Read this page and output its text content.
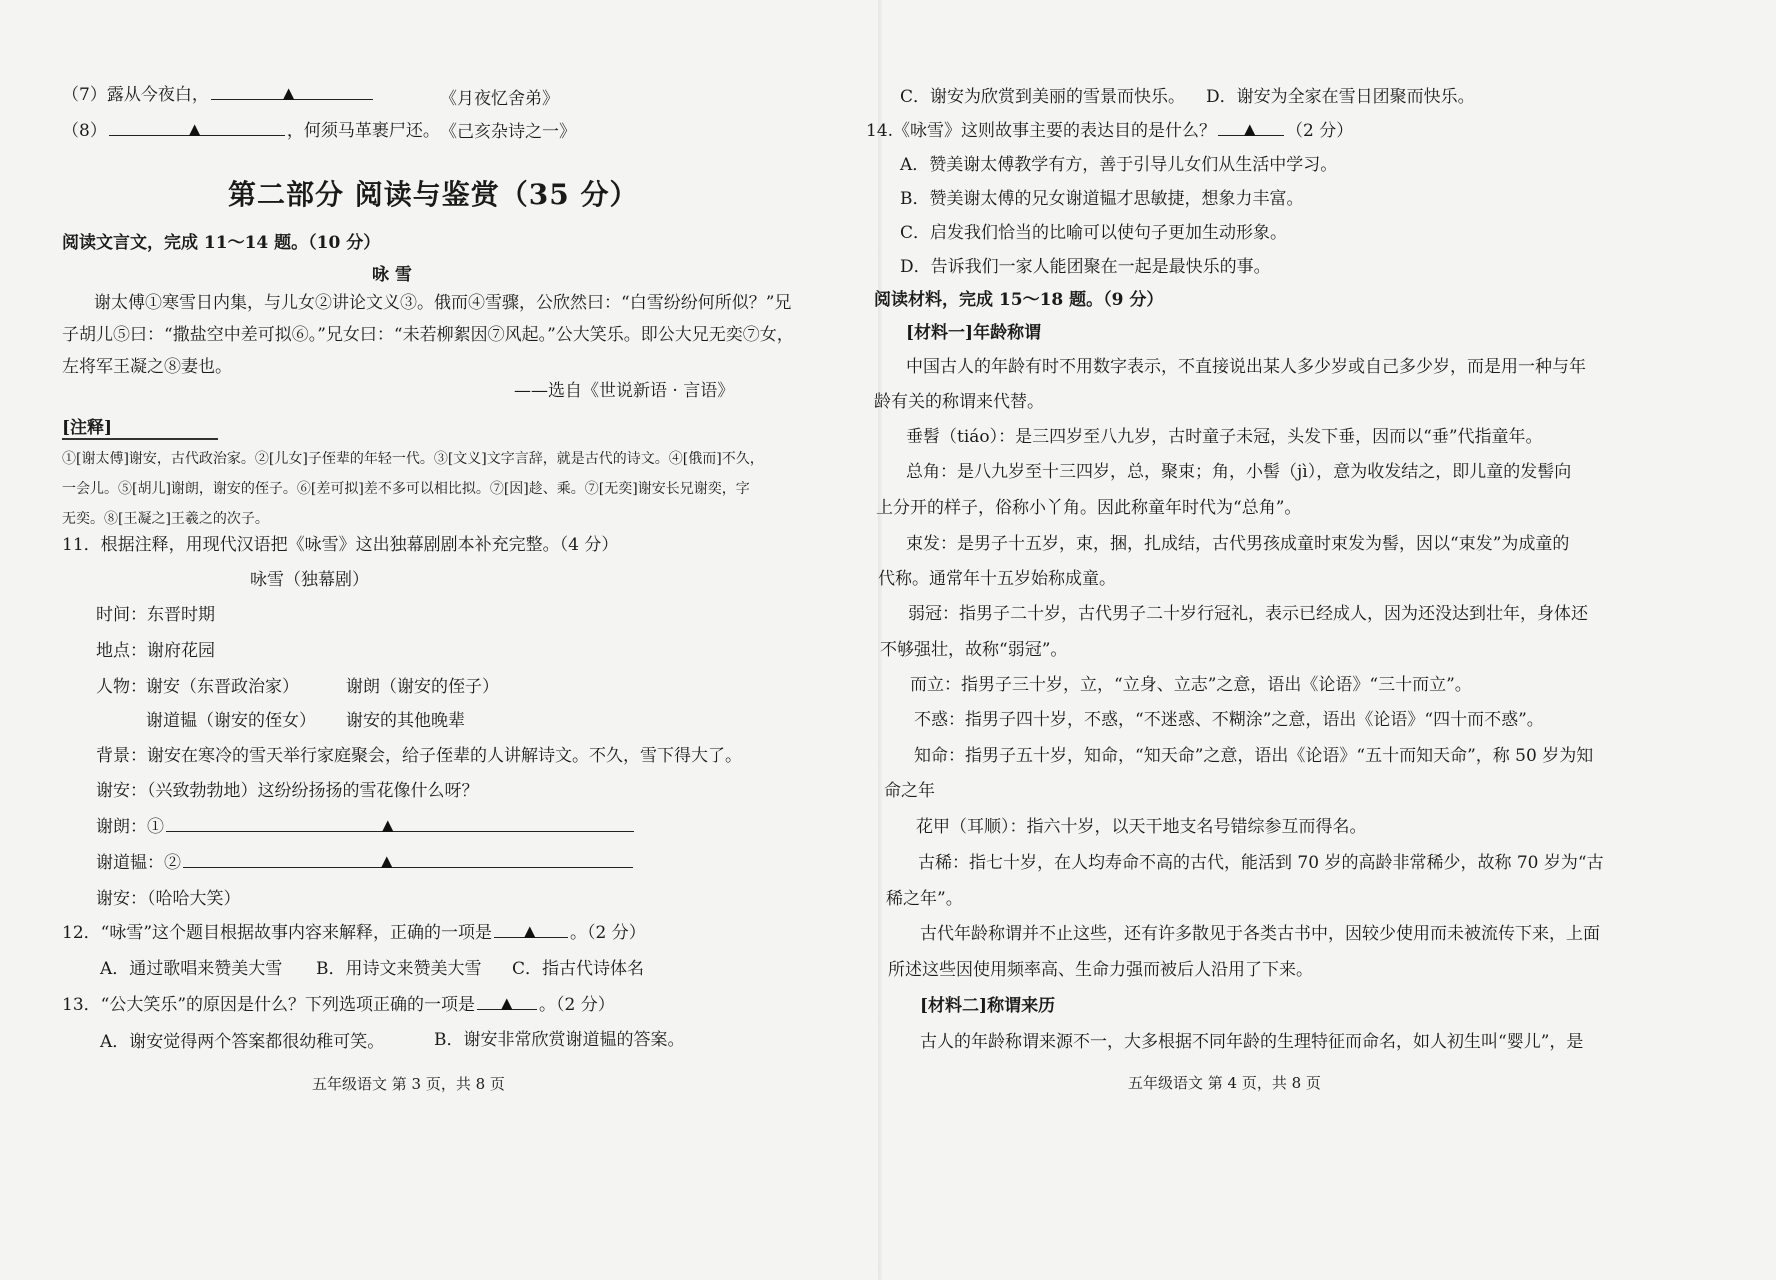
（7）露从今夜白，	▲	《月夜忆舍弟》
（8）	▲	，何须马革裹尸还。 《己亥杂诗之一》
第二部分 阅读与鉴赏（35 分）
阅读文言文，完成 11～14 题。（10 分）
咏 雪
谢太傅①寒雪日内集，与儿女②讲论文义③。俄而④雪骤，公欣然曰：“白雪纷纷何所似？”兄
子胡儿⑤曰：“撒盐空中差可拟⑥。”兄女曰：“未若柳絮因⑦风起。”公大笑乐。即公大兄无奕⑦女，
左将军王凝之⑧妻也。
——选自《世说新语 · 言语》
[注释]
①[谢太傅]谢安，古代政治家。②[儿女]子侄辈的年轻一代。③[文义]文字言辞，就是古代的诗文。④[俄而]不久，
一会儿。⑤[胡儿]谢朗，谢安的侄子。⑥[差可拟]差不多可以相比拟。⑦[因]趁、乘。⑦[无奕]谢安长兄谢奕，字
无奕。⑧[王凝之]王羲之的次子。
11．根据注释，用现代汉语把《咏雪》这出独幕剧剧本补充完整。（4 分）
咏雪（独幕剧）
时间：东晋时期
地点：谢府花园
人物： 谢安（东晋政治家）	谢朗（谢安的侄子）
谢道韫（谢安的侄女） 谢安的其他晚辈
背景：谢安在寒冷的雪天举行家庭聚会，给子侄辈的人讲解诗文。不久，雪下得大了。
谢安：（兴致勃勃地）这纷纷扬扬的雪花像什么呀？
谢朗：①	▲
谢道韫：②	▲
谢安：（哈哈大笑）
12．“咏雪”这个题目根据故事内容来解释，正确的一项是 ▲ 。（2 分）
A．通过歌唱来赞美大雪 B．用诗文来赞美大雪 C．指古代诗体名
13．“公大笑乐”的原因是什么？下列选项正确的一项是 ▲ 。（2 分）
A．谢安觉得两个答案都很幼稚可笑。	B．谢安非常欣赏谢道韫的答案。
五年级语文 第 3 页，共 8 页
C．谢安为欣赏到美丽的雪景而快乐。 D．谢安为全家在雪日团聚而快乐。
14.《咏雪》这则故事主要的表达目的是什么？ ▲ （2 分）
A．赞美谢太傅教学有方，善于引导儿女们从生活中学习。
B．赞美谢太傅的兄女谢道韫才思敏捷，想象力丰富。
C．启发我们恰当的比喻可以使句子更加生动形象。
D．告诉我们一家人能团聚在一起是最快乐的事。
阅读材料，完成 15～18 题。（9 分）
[材料一]年龄称谓
中国古人的年龄有时不用数字表示，不直接说出某人多少岁或自己多少岁，而是用一种与年
龄有关的称谓来代替。
垂髫（tiáo）：是三四岁至八九岁，古时童子未冠，头发下垂，因而以“垂”代指童年。
总角：是八九岁至十三四岁，总，聚束；角，小髻（jì），意为收发结之，即儿童的发髻向
上分开的样子，俗称小丫角。因此称童年时代为“总角”。
束发：是男子十五岁，束，捆，扎成结，古代男孩成童时束发为髻，因以“束发”为成童的
代称。通常年十五岁始称成童。
弱冠：指男子二十岁，古代男子二十岁行冠礼，表示已经成人，因为还没达到壮年，身体还
不够强壮，故称“弱冠”。
而立：指男子三十岁，立，“立身、立志”之意，语出《论语》“三十而立”。
不惑：指男子四十岁，不惑，“不迷惑、不糊涂”之意，语出《论语》“四十而不惑”。
知命：指男子五十岁，知命，“知天命”之意，语出《论语》“五十而知天命”，称 50 岁为知
命之年
花甲（耳顺）：指六十岁，以天干地支名号错综参互而得名。
古稀：指七十岁，在人均寿命不高的古代，能活到 70 岁的高龄非常稀少，故称 70 岁为“古
稀之年”。
古代年龄称谓并不止这些，还有许多散见于各类古书中，因较少使用而未被流传下来，上面
所述这些因使用频率高、生命力强而被后人沿用了下来。
[材料二]称谓来历
古人的年龄称谓来源不一，大多根据不同年龄的生理特征而命名，如人初生叫“婴儿”，是
五年级语文 第 4 页，共 8 页
